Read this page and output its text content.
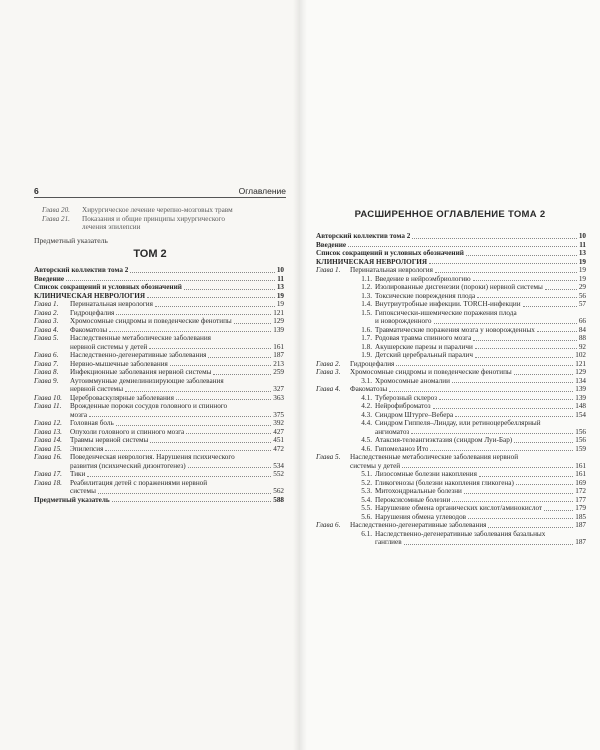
6	Оглавление
Глава 20.	Хирургическое лечение черепно-мозговых травм
Глава 21.	Показания и общие принципы хирургического
лечения эпилепсии
Предметный указатель
ТОМ 2
Авторский коллектив тома 2	10
Введение	11
Список сокращений и условных обозначений	13
КЛИНИЧЕСКАЯ НЕВРОЛОГИЯ	19
Глава 1.	Перинатальная неврология	19
Глава 2.	Гидроцефалия	121
Глава 3.	Хромосомные синдромы и поведенческие фенотипы	129
Глава 4.	Факоматозы	139
Глава 5.	Наследственные метаболические заболевания
нервной системы у детей	161
Глава 6.	Наследственно-дегенеративные заболевания	187
Глава 7.	Нервно-мышечные заболевания	213
Глава 8.	Инфекционные заболевания нервной системы	259
Глава 9.	Аутоиммунные демиелинизирующие заболевания
нервной системы	327
Глава 10.	Цереброваскулярные заболевания	363
Глава 11.	Врожденные пороки сосудов головного и спинного
мозга	375
Глава 12.	Головная боль	392
Глава 13.	Опухоли головного и спинного мозга	427
Глава 14.	Травмы нервной системы	451
Глава 15.	Эпилепсия	472
Глава 16.	Поведенческая неврология. Нарушения психического
развития (психический дизонтогенез)	534
Глава 17.	Тики	552
Глава 18.	Реабилитация детей с поражениями нервной
системы	562
Предметный указатель	588
РАСШИРЕННОЕ ОГЛАВЛЕНИЕ ТОМА 2
Авторский коллектив тома 2	10
Введение	11
Список сокращений и условных обозначений	13
КЛИНИЧЕСКАЯ НЕВРОЛОГИЯ	19
Глава 1.	Перинатальная неврология	19
1.1. Введение в нейроэмбриологию	19
1.2. Изолированные дисгенезии (пороки) нервной системы	29
1.3. Токсические повреждения плода	56
1.4. Внутриутробные инфекции. TORCH-инфекции	57
1.5. Гипоксически-ишемические поражения плода
и новорожденного	66
1.6. Травматические поражения мозга у новорожденных	84
1.7. Родовая травма спинного мозга	88
1.8. Акушерские парезы и параличи	92
1.9. Детский церебральный паралич	102
Глава 2.	Гидроцефалия	121
Глава 3.	Хромосомные синдромы и поведенческие фенотипы	129
3.1. Хромосомные аномалии	134
Глава 4.	Факоматозы	139
4.1. Туберозный склероз	139
4.2. Нейрофиброматоз	148
4.3. Синдром Штурге–Вебера	154
4.4. Синдром Гиппеля–Линдау, или ретиноцеребеллярный
ангиоматоз	156
4.5. Атаксия-телеангиэктазия (синдром Луи-Бар)	156
4.6. Гипомеланоз Ито	159
Глава 5.	Наследственные метаболические заболевания нервной
системы у детей	161
5.1. Лизосомные болезни накопления	161
5.2. Гликогенозы (болезни накопления гликогена)	169
5.3. Митохондриальные болезни	172
5.4. Пероксисомные болезни	177
5.5. Нарушение обмена органических кислот/аминокислот	179
5.6. Нарушения обмена углеводов	185
Глава 6.	Наследственно-дегенеративные заболевания	187
6.1. Наследственно-дегенеративные заболевания базальных
ганглиев	187
